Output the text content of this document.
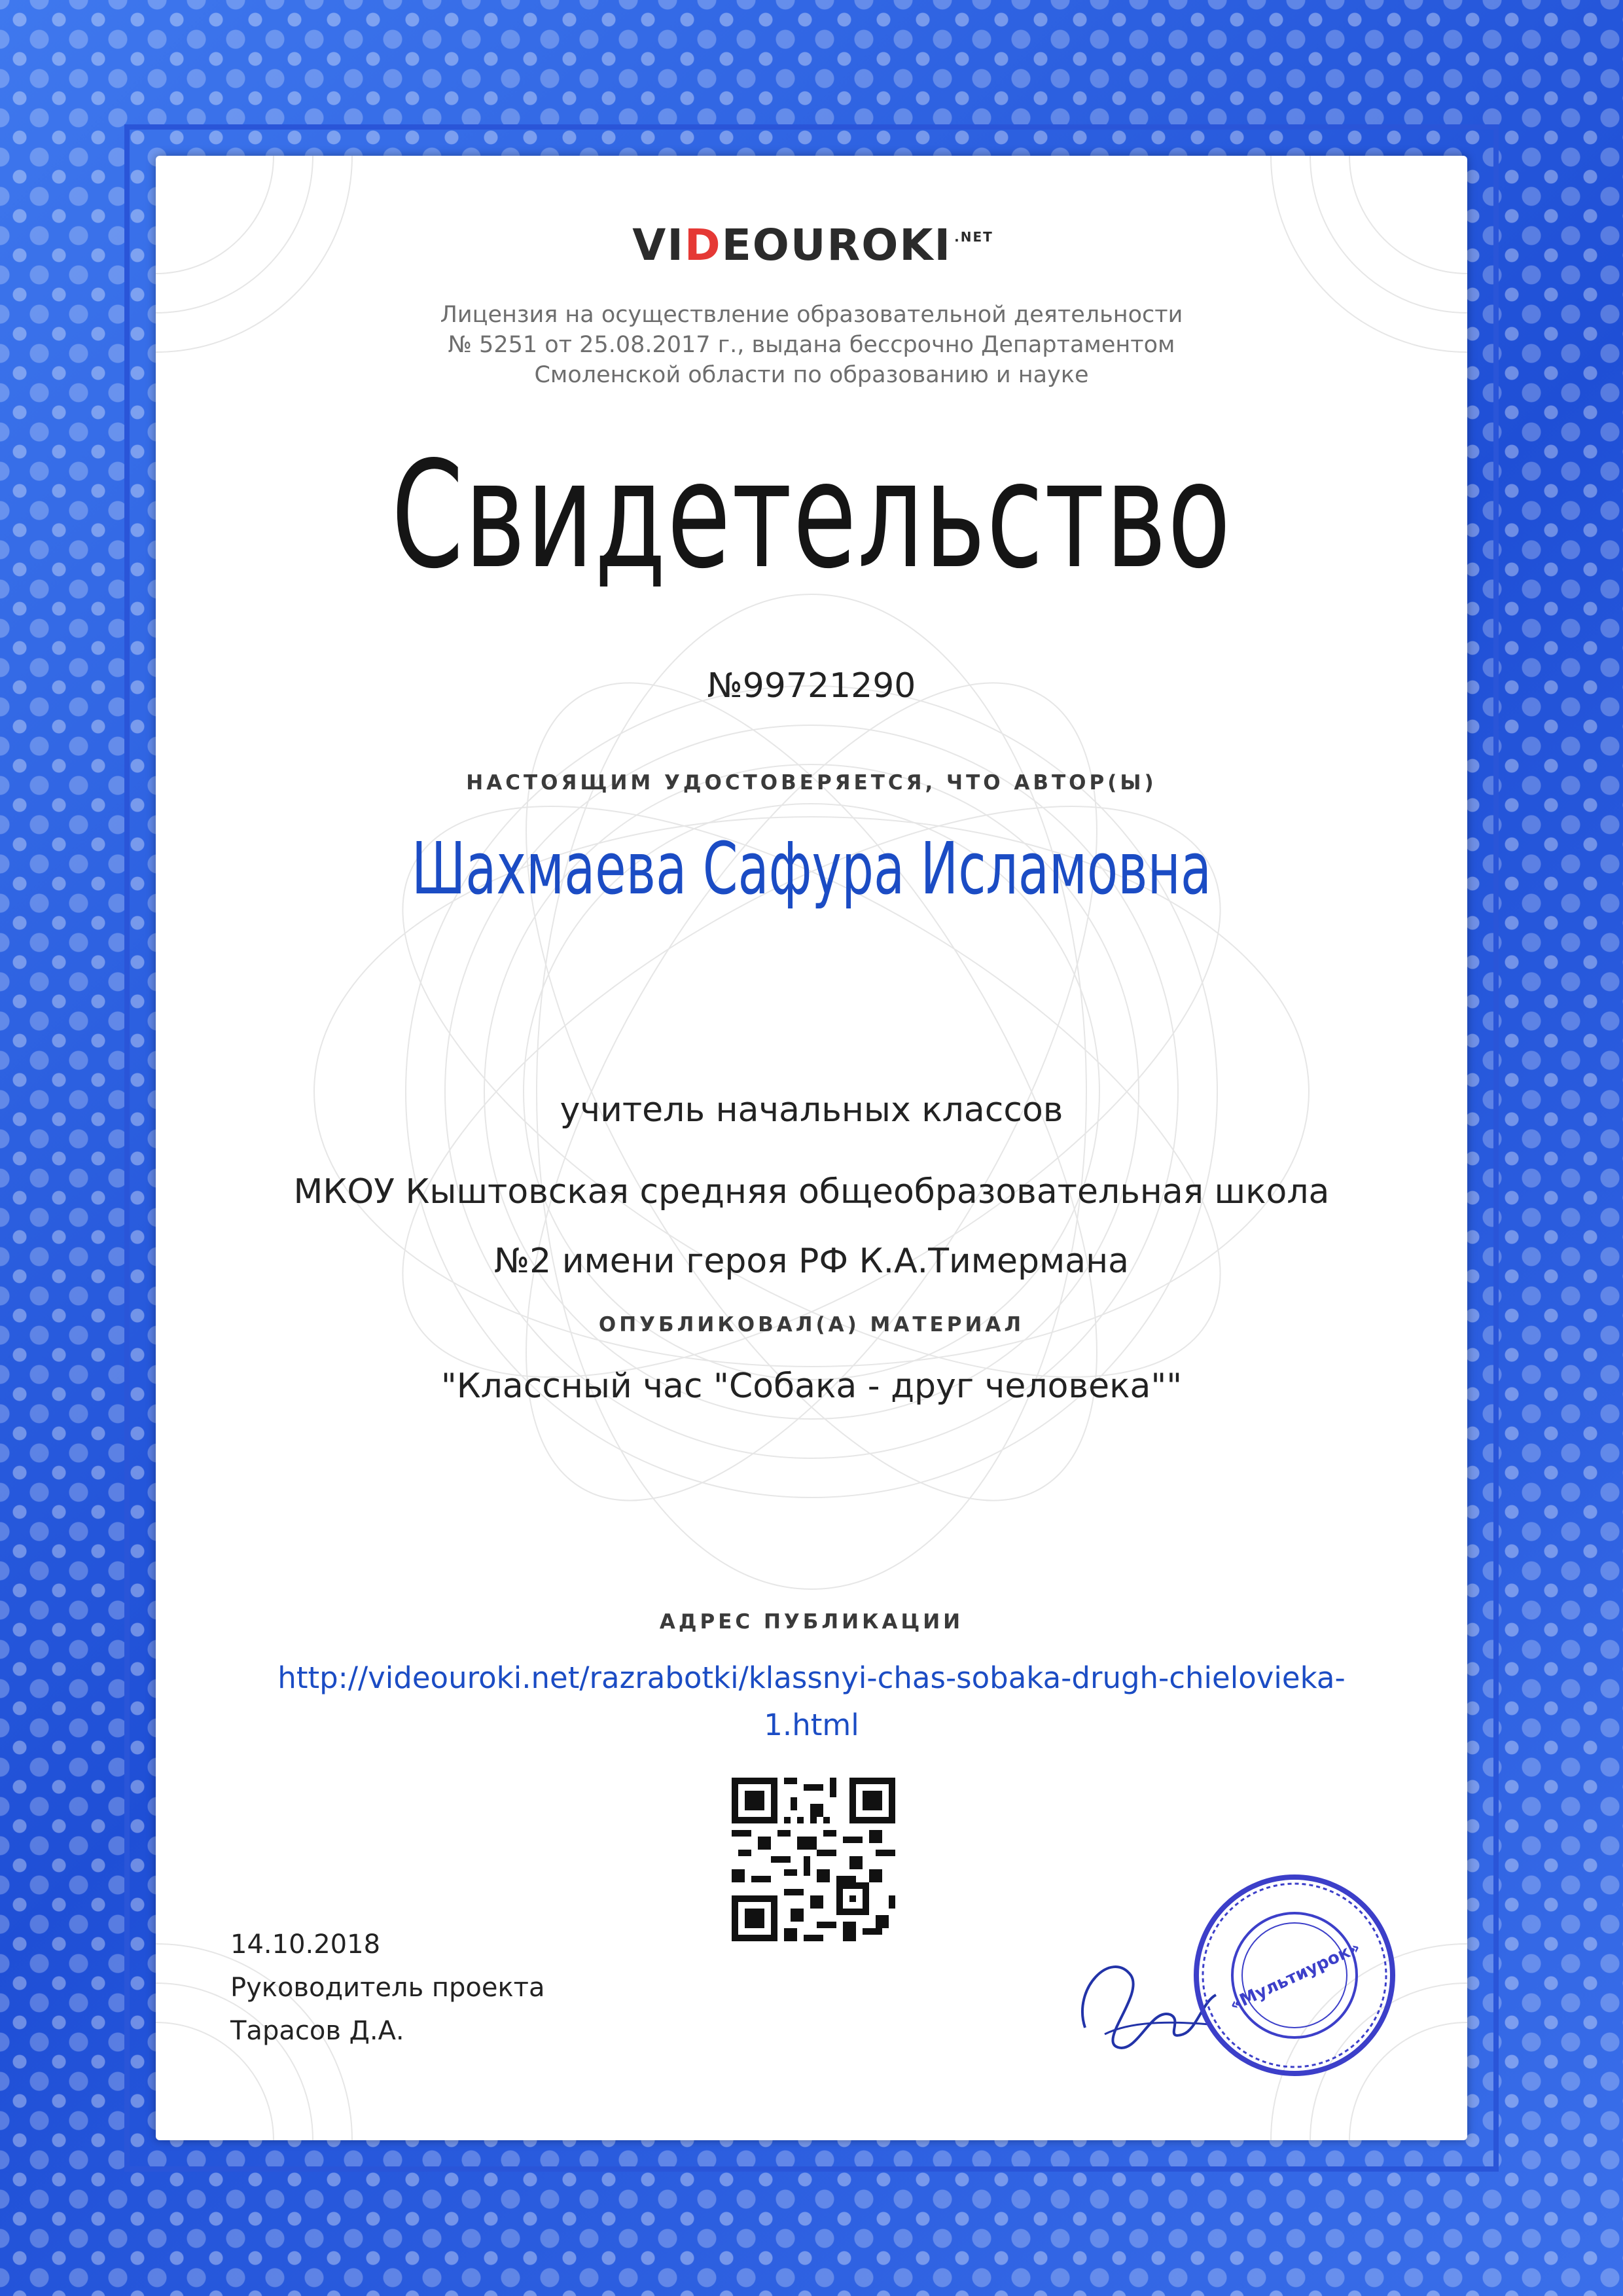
VIDEOUROKI $^{.NET}$
Лицензия на осуществление образовательной деятельности
№ 5251 от 25.08.2017 г., выдана бессрочно Департаментом
Смоленской области по образованию и науке
Свидетельство
№99721290
НАСТОЯЩИМ УДОСТОВЕРЯЕТСЯ, ЧТО АВТОР(Ы)
Шахмаева Сафура Исламовна
учитель начальных классов
МКОУ Кыштовская средняя общеобразовательная школа
№2 имени героя РФ К.А.Тимермана
ОПУБЛИКОВАЛ(А) МАТЕРИАЛ
"Классный час "Собака - друг человека""
АДРЕС ПУБЛИКАЦИИ
http://videouroki.net/razrabotki/klassnyi-chas-sobaka-drugh-chielovieka-
1.html
14.10.2018
Руководитель проекта
Тарасов Д.А.
«Мультиурок»
